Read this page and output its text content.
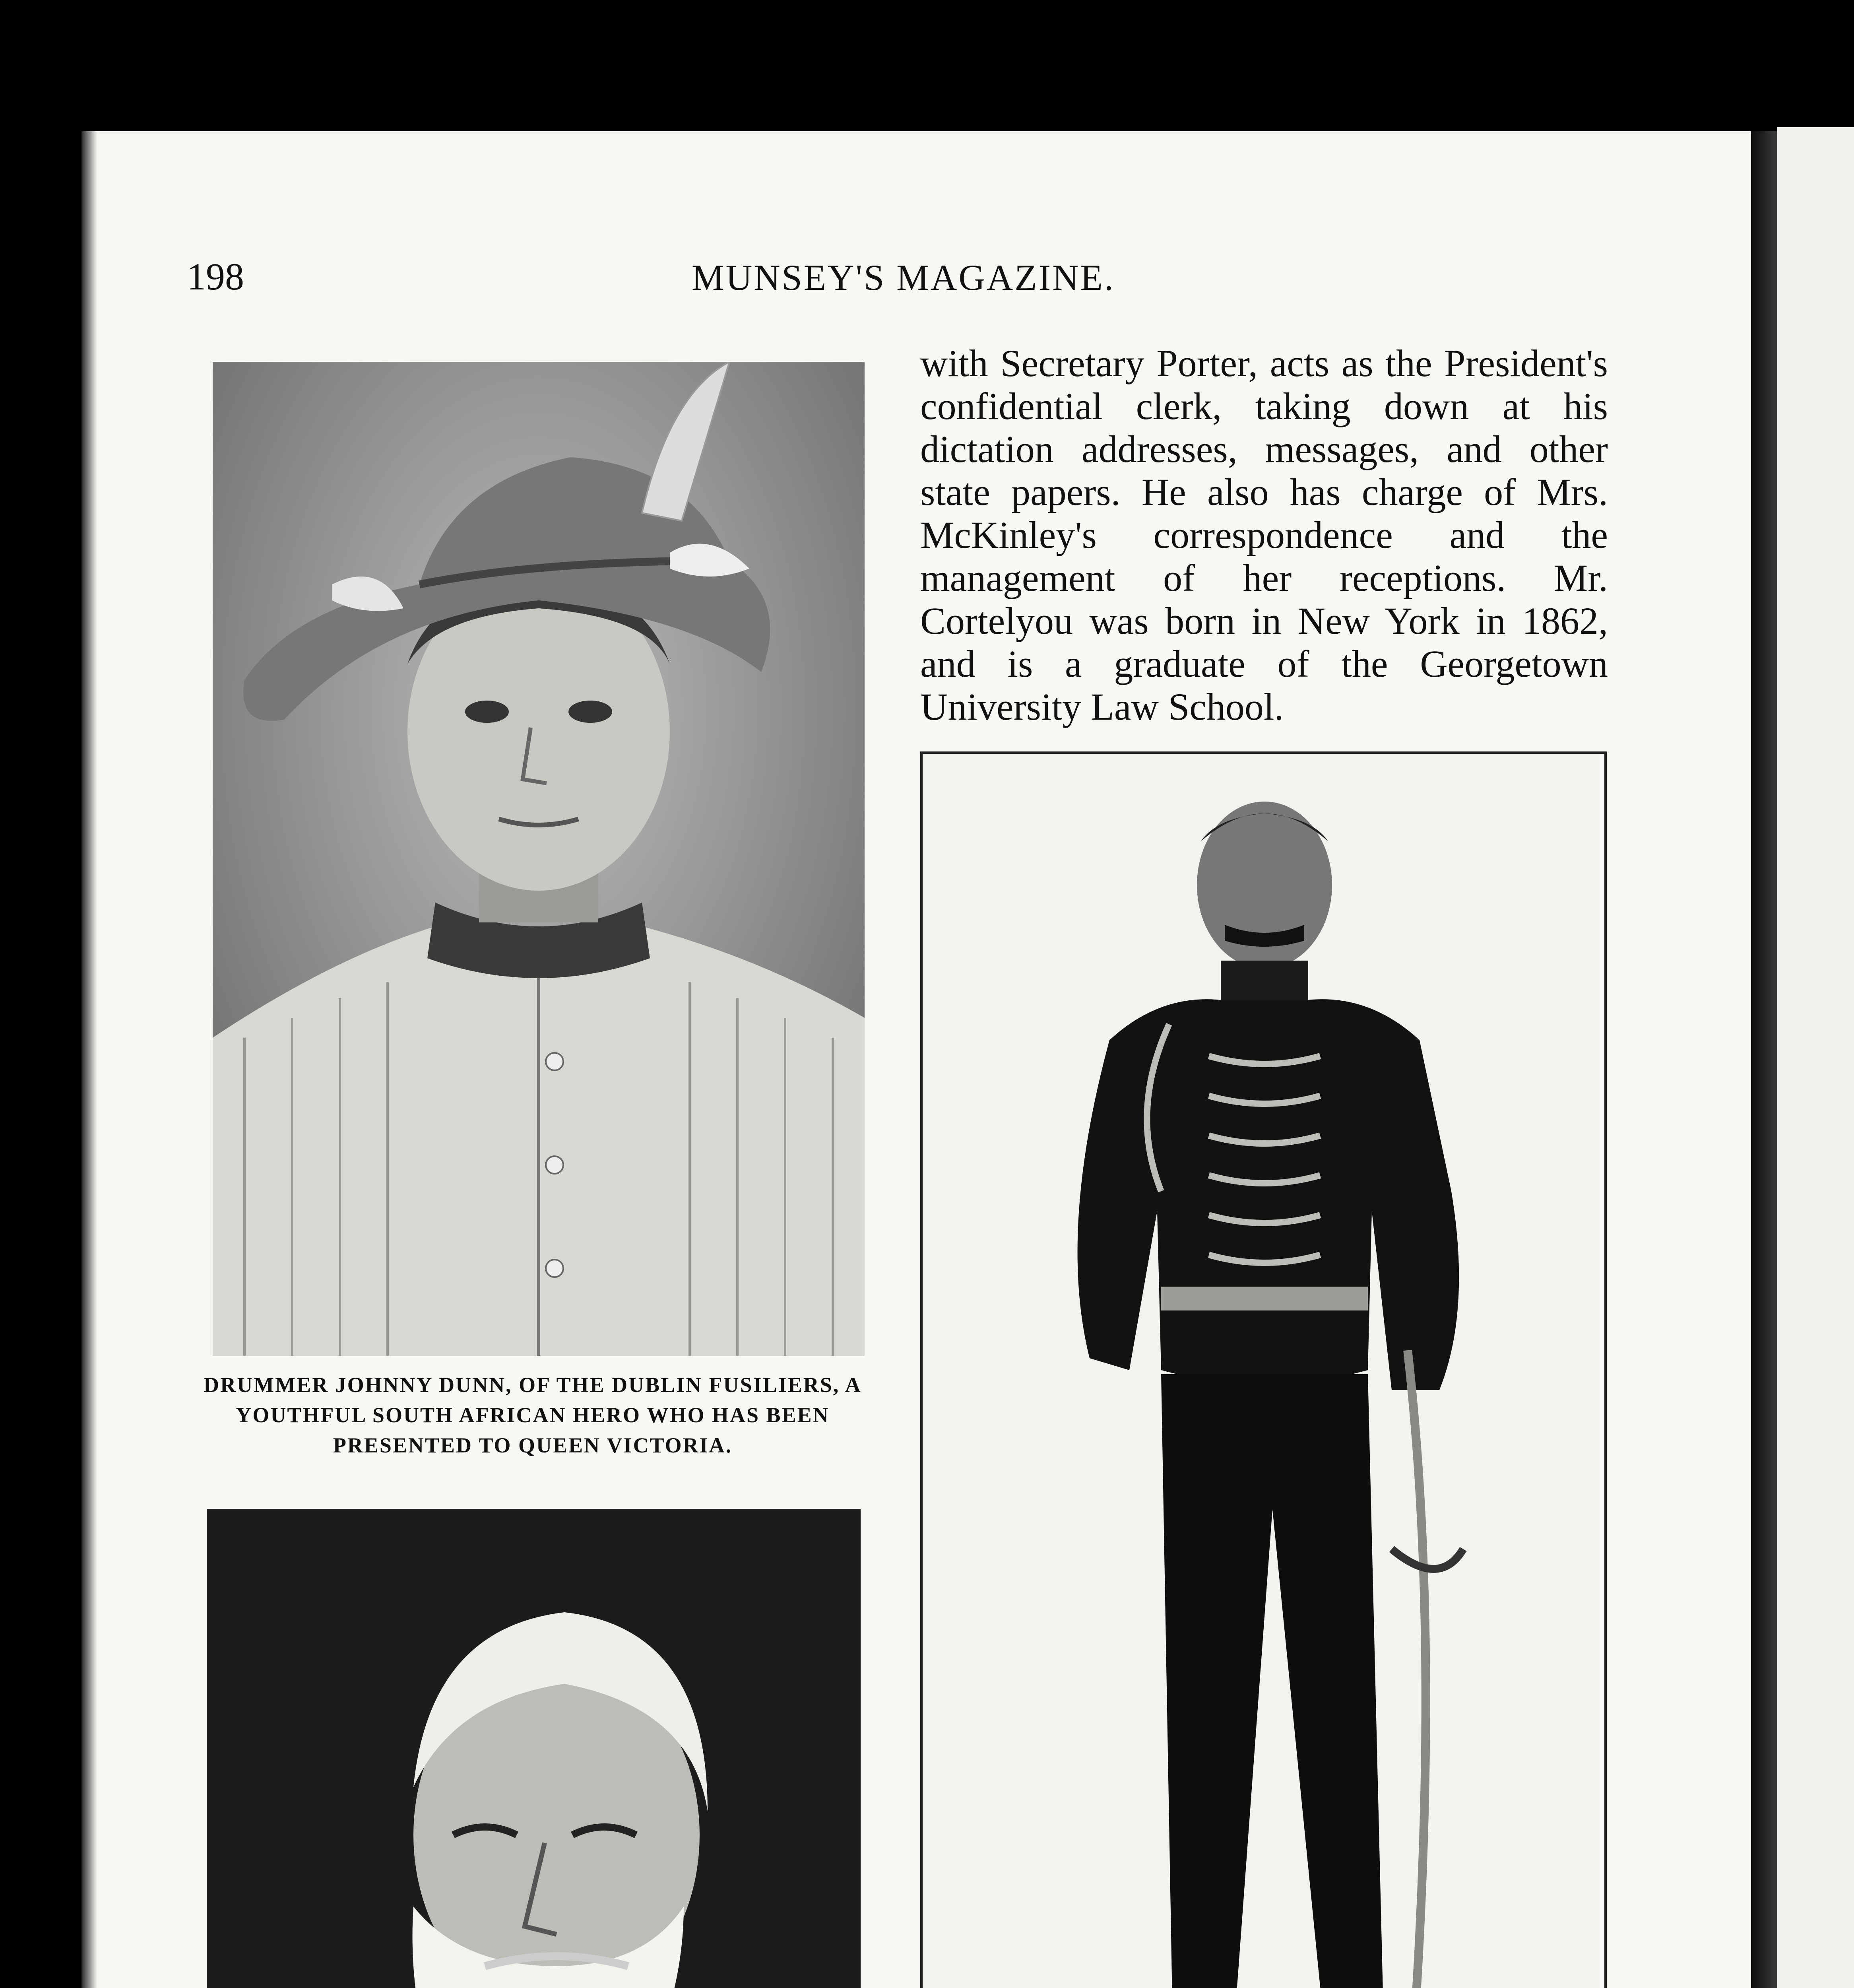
198	MUNSEY'S MAGAZINE.

with Secretary Porter, acts as the President's confidential clerk, taking down at his dictation addresses, messages, and other state papers. He also has charge of Mrs. McKinley's correspondence and the management of her receptions. Mr. Cortelyou was born in New York in 1862, and is a graduate of the Georgetown University Law School.

DRUMMER JOHNNY DUNN, OF THE DUBLIN FUSILIERS, A YOUTHFUL SOUTH AFRICAN HERO WHO HAS BEEN PRESENTED TO QUEEN VICTORIA.
